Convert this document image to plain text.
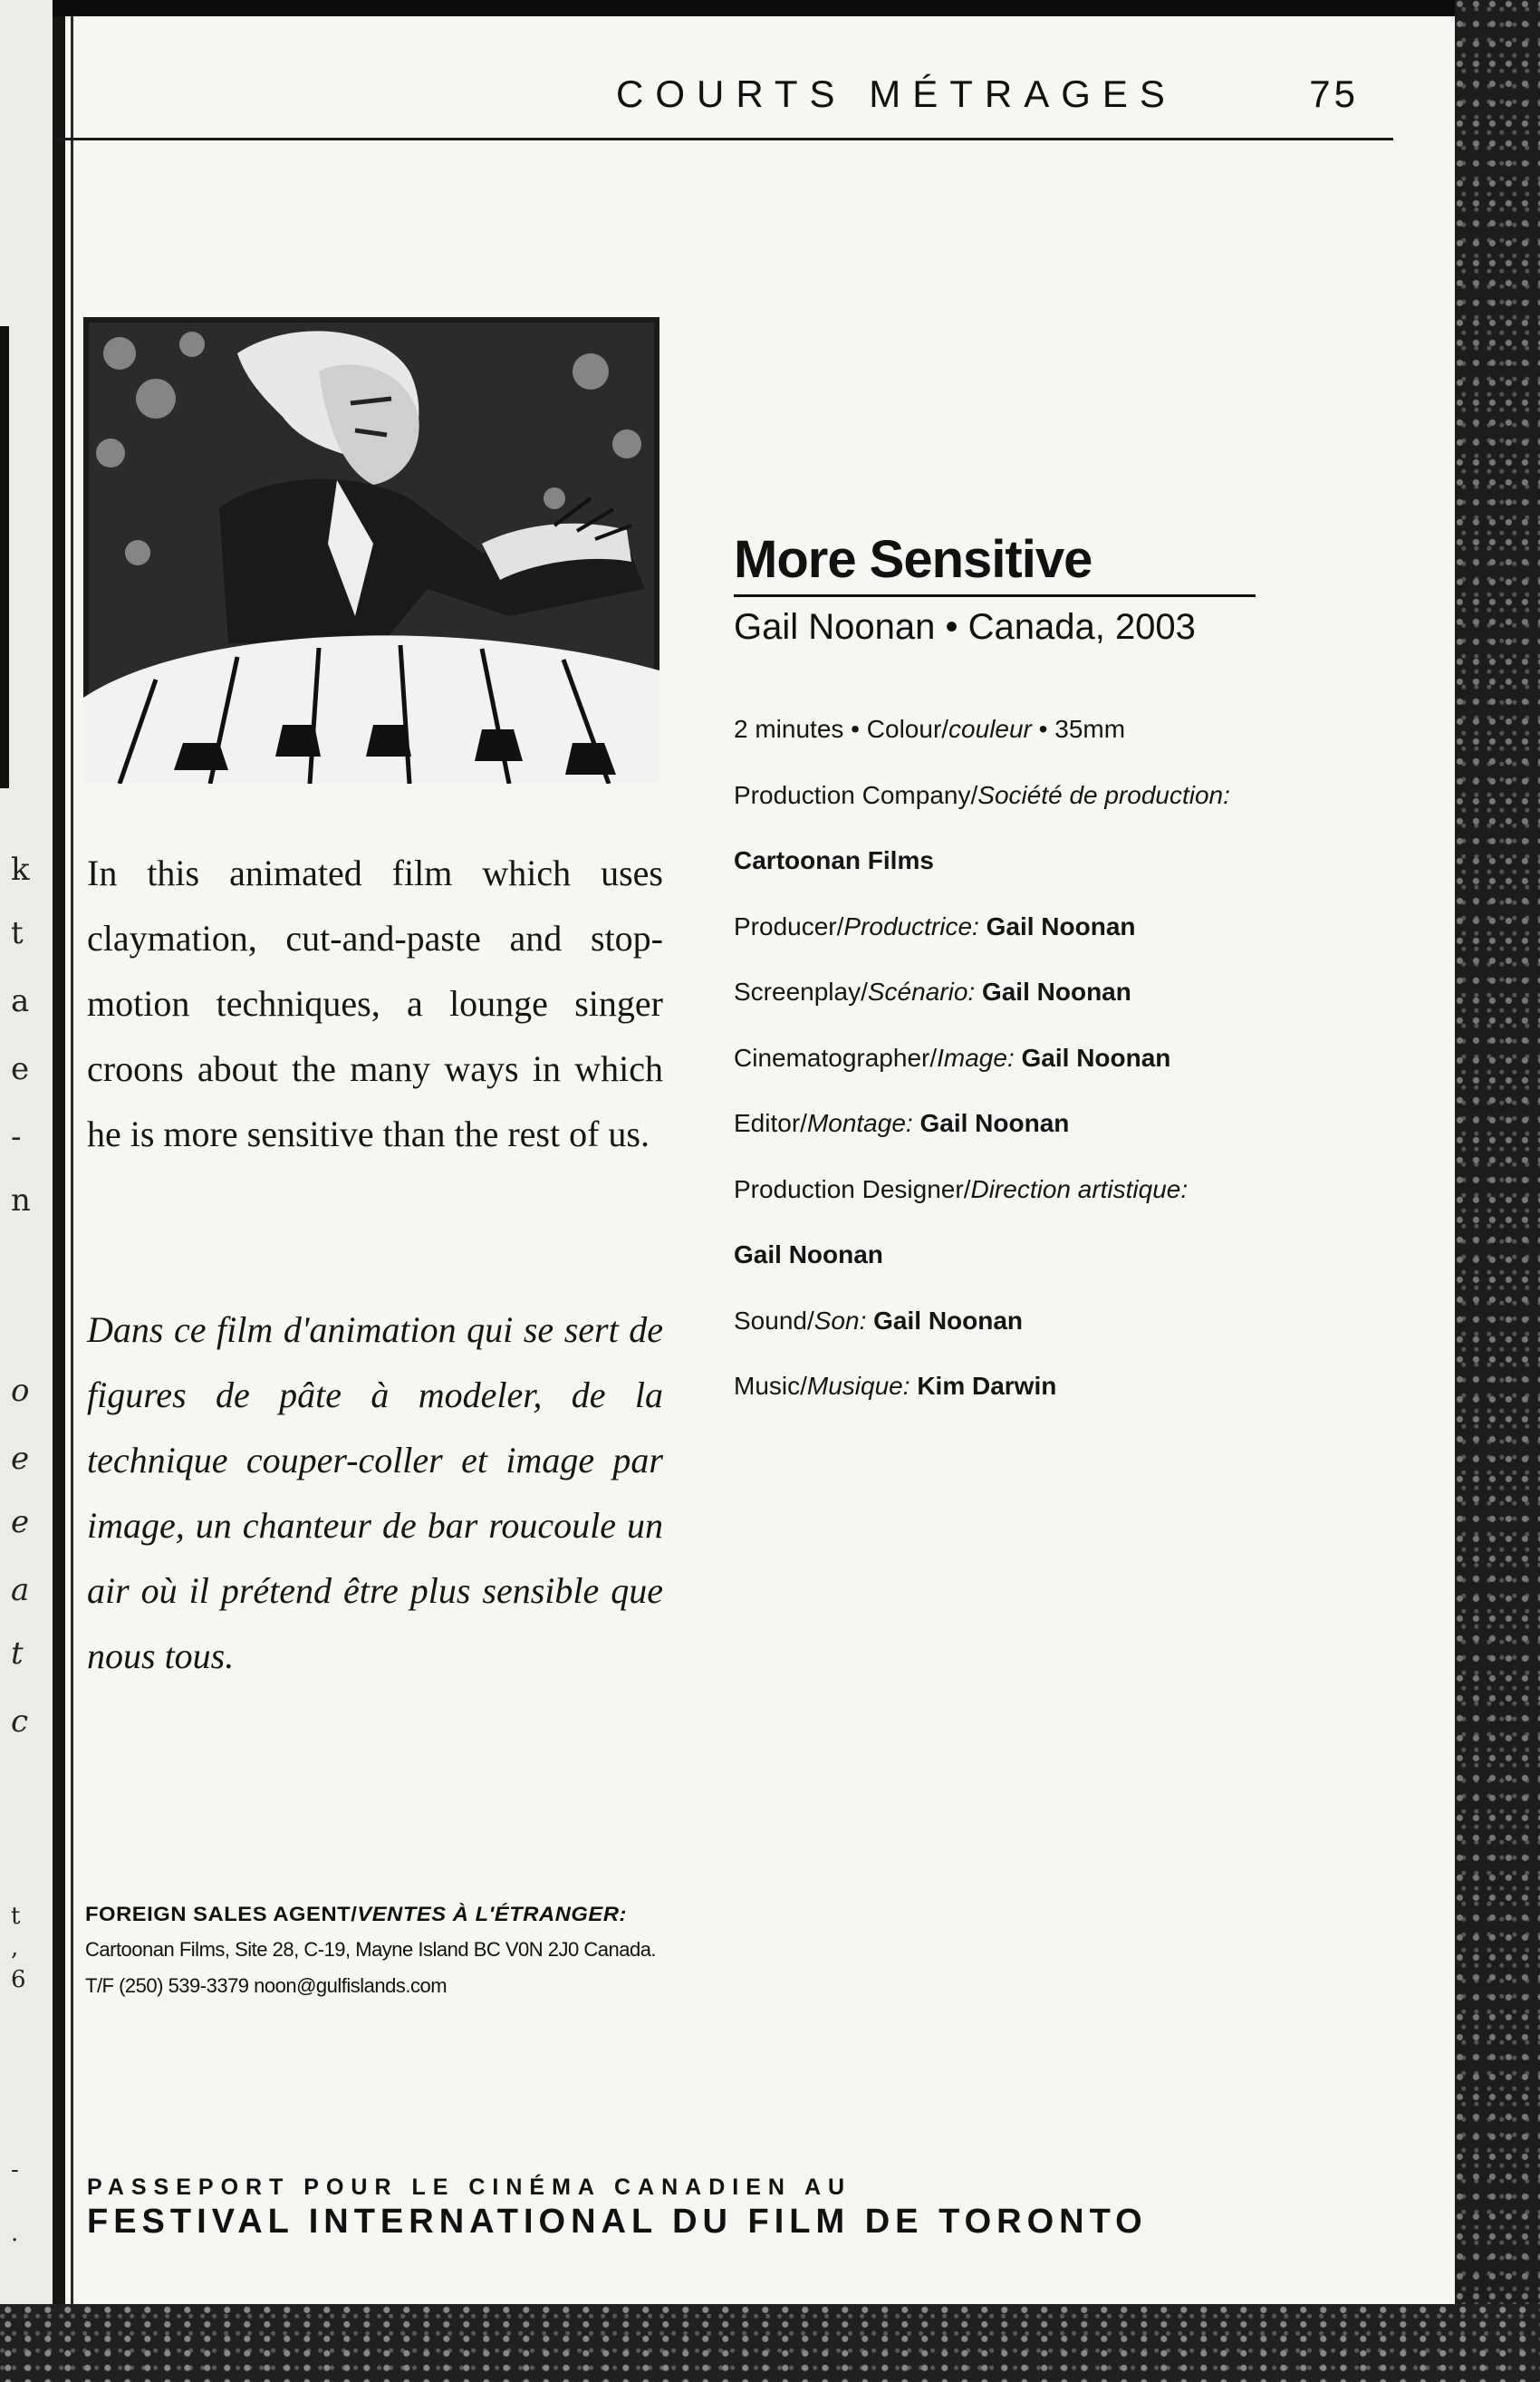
k
t
a
e
-
n
o
e
e
a
t
c
t
,
6
-
.
COURTS MÉTRAGES	75

In this animated film which uses claymation, cut-and-paste and stop-motion techniques, a lounge singer croons about the many ways in which he is more sensitive than the rest of us.

Dans ce film d'animation qui se sert de figures de pâte à modeler, de la technique couper-coller et image par image, un chanteur de bar roucoule un air où il prétend être plus sensible que nous tous.

More Sensitive
Gail Noonan • Canada, 2003
2 minutes • Colour/couleur • 35mm
Production Company/Société de production:
Cartoonan Films
Producer/Productrice: Gail Noonan
Screenplay/Scénario: Gail Noonan
Cinematographer/Image: Gail Noonan
Editor/Montage: Gail Noonan
Production Designer/Direction artistique:
Gail Noonan
Sound/Son: Gail Noonan
Music/Musique: Kim Darwin
FOREIGN SALES AGENT/VENTES À L'ÉTRANGER:
Cartoonan Films, Site 28, C-19, Mayne Island BC V0N 2J0 Canada.
T/F (250) 539-3379 noon@gulfislands.com
PASSEPORT POUR LE CINÉMA CANADIEN AU
FESTIVAL INTERNATIONAL DU FILM DE TORONTO
